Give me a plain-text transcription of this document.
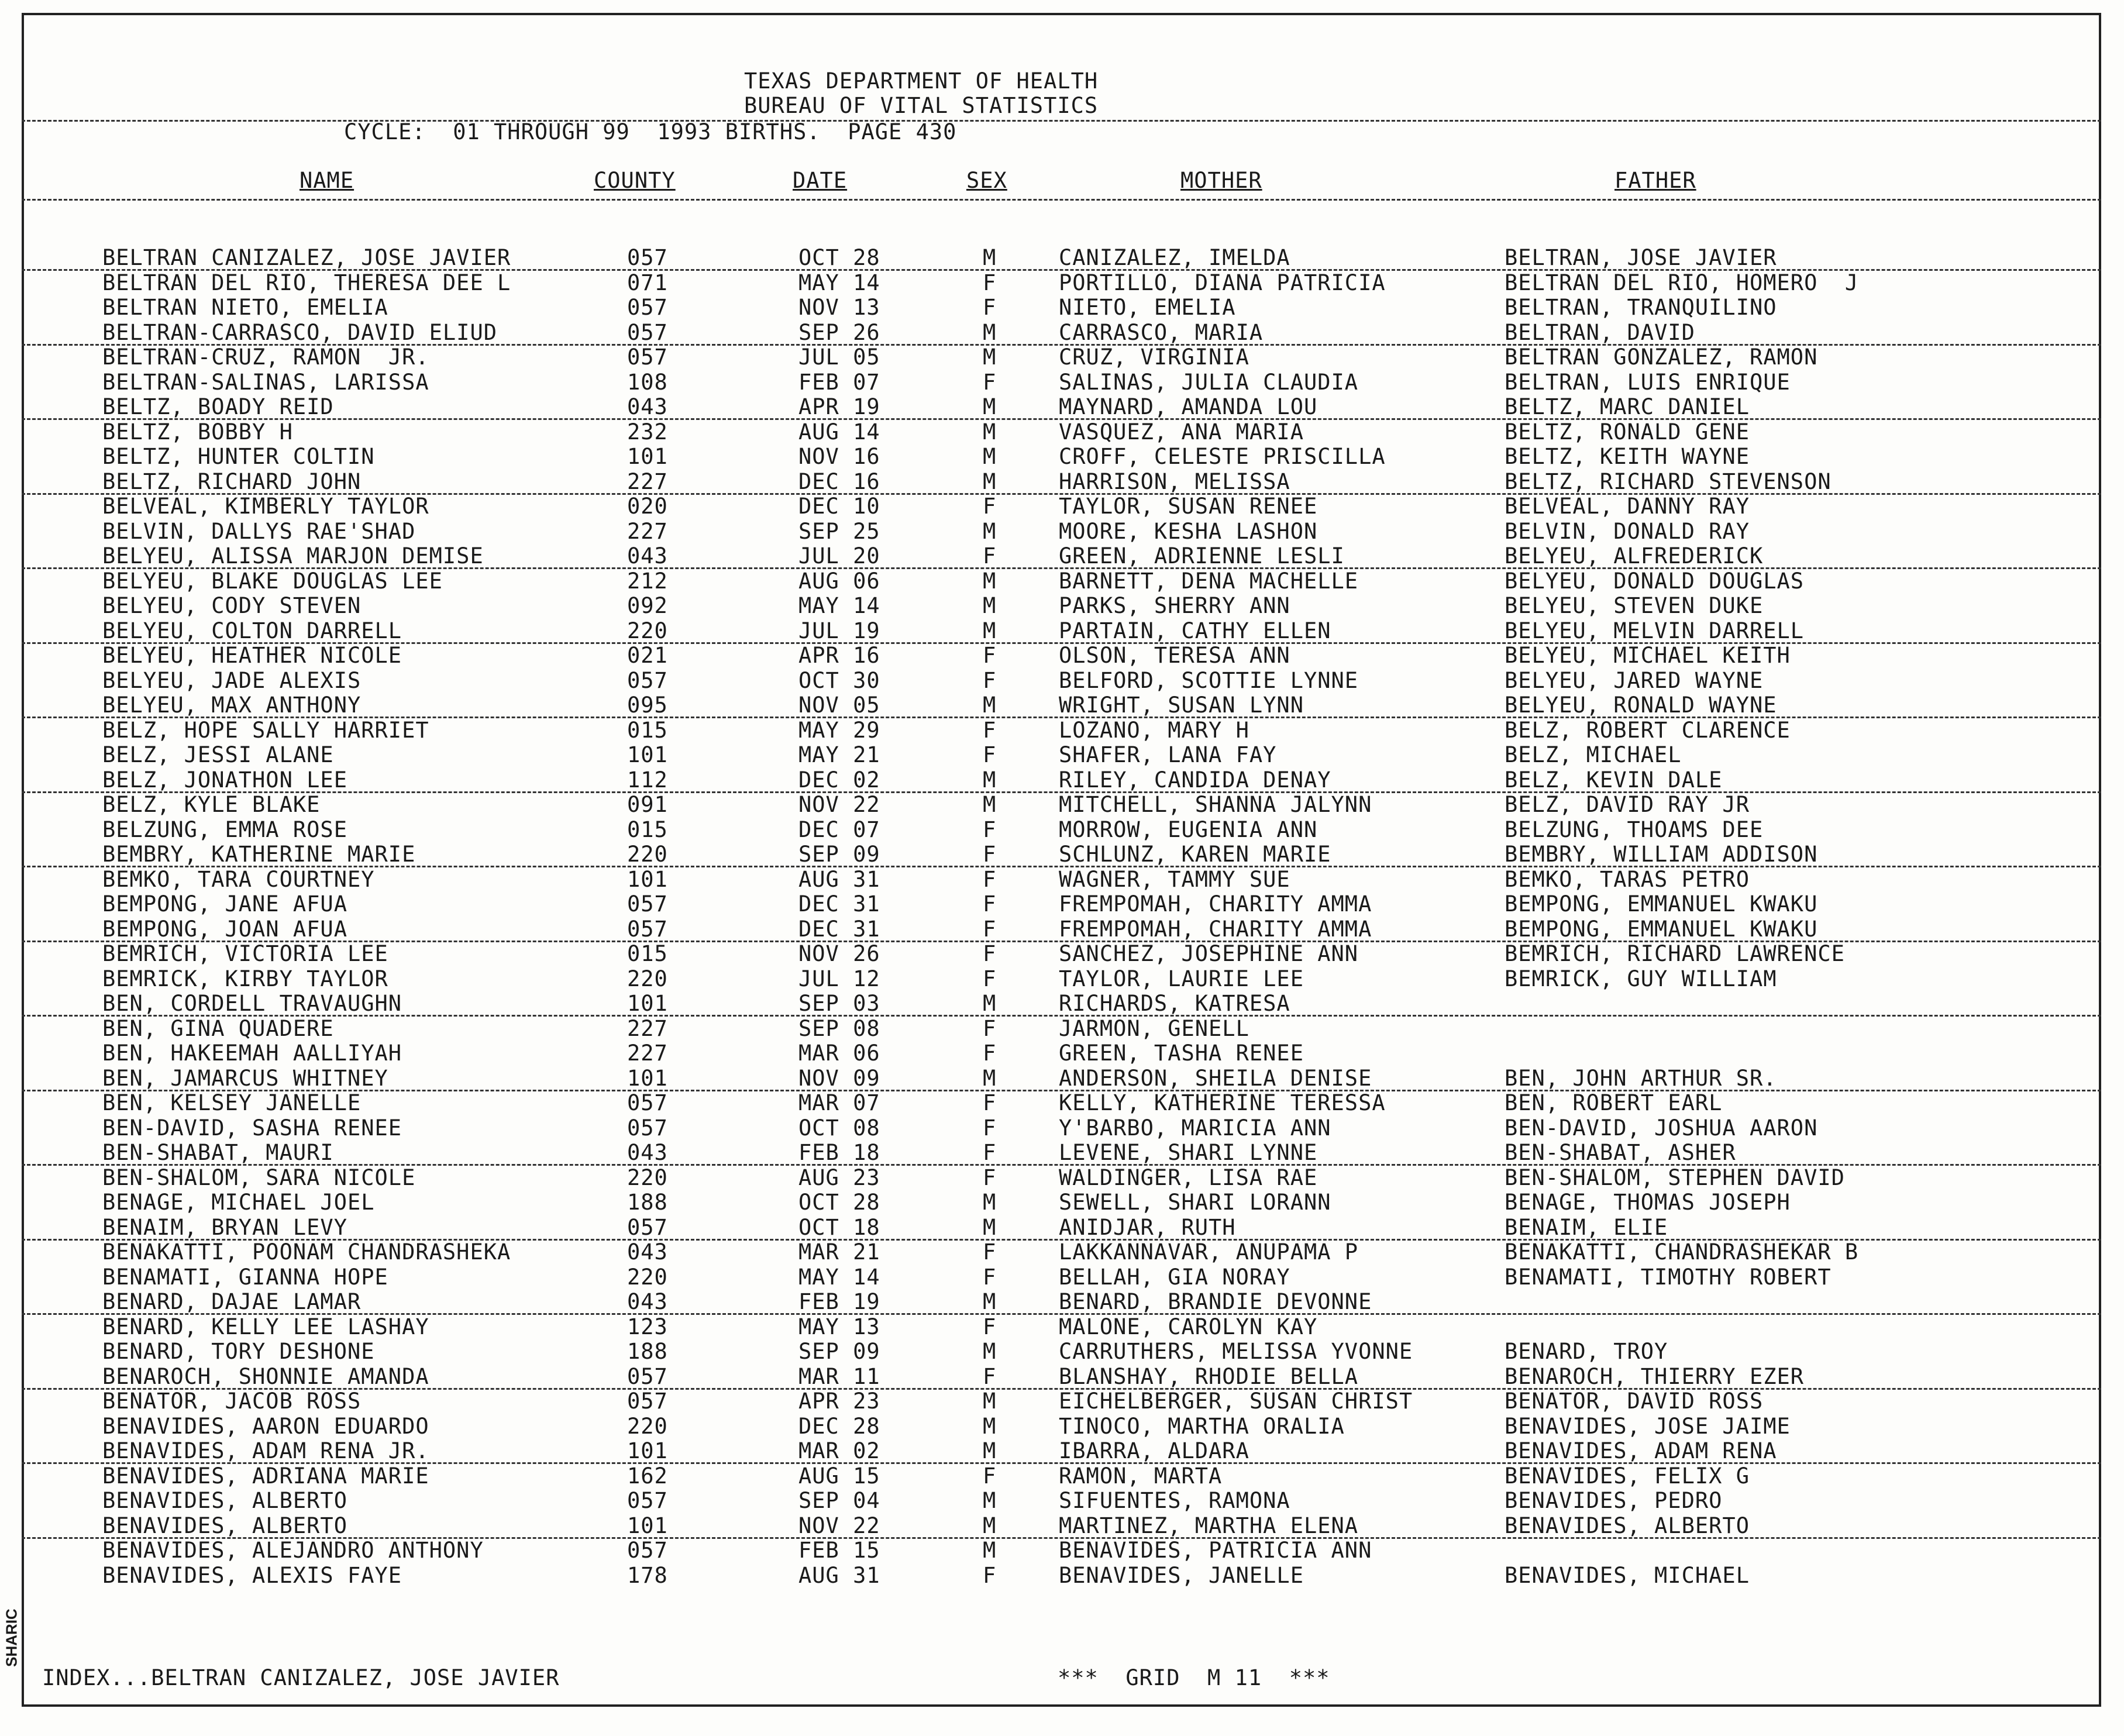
TEXAS DEPARTMENT OF HEALTH
BUREAU OF VITAL STATISTICS
CYCLE:  01 THROUGH 99  1993 BIRTHS.  PAGE 430
NAME	COUNTY	DATE	SEX	MOTHER	FATHER
BELTRAN CANIZALEZ, JOSE JAVIER	057	OCT 28	M	CANIZALEZ, IMELDA	BELTRAN, JOSE JAVIER
BELTRAN DEL RIO, THERESA DEE L	071	MAY 14	F	PORTILLO, DIANA PATRICIA	BELTRAN DEL RIO, HOMERO  J
BELTRAN NIETO, EMELIA	057	NOV 13	F	NIETO, EMELIA	BELTRAN, TRANQUILINO
BELTRAN-CARRASCO, DAVID ELIUD	057	SEP 26	M	CARRASCO, MARIA	BELTRAN, DAVID
BELTRAN-CRUZ, RAMON  JR.	057	JUL 05	M	CRUZ, VIRGINIA	BELTRAN GONZALEZ, RAMON
BELTRAN-SALINAS, LARISSA	108	FEB 07	F	SALINAS, JULIA CLAUDIA	BELTRAN, LUIS ENRIQUE
BELTZ, BOADY REID	043	APR 19	M	MAYNARD, AMANDA LOU	BELTZ, MARC DANIEL
BELTZ, BOBBY H	232	AUG 14	M	VASQUEZ, ANA MARIA	BELTZ, RONALD GENE
BELTZ, HUNTER COLTIN	101	NOV 16	M	CROFF, CELESTE PRISCILLA	BELTZ, KEITH WAYNE
BELTZ, RICHARD JOHN	227	DEC 16	M	HARRISON, MELISSA	BELTZ, RICHARD STEVENSON
BELVEAL, KIMBERLY TAYLOR	020	DEC 10	F	TAYLOR, SUSAN RENEE	BELVEAL, DANNY RAY
BELVIN, DALLYS RAE'SHAD	227	SEP 25	M	MOORE, KESHA LASHON	BELVIN, DONALD RAY
BELYEU, ALISSA MARJON DEMISE	043	JUL 20	F	GREEN, ADRIENNE LESLI	BELYEU, ALFREDERICK
BELYEU, BLAKE DOUGLAS LEE	212	AUG 06	M	BARNETT, DENA MACHELLE	BELYEU, DONALD DOUGLAS
BELYEU, CODY STEVEN	092	MAY 14	M	PARKS, SHERRY ANN	BELYEU, STEVEN DUKE
BELYEU, COLTON DARRELL	220	JUL 19	M	PARTAIN, CATHY ELLEN	BELYEU, MELVIN DARRELL
BELYEU, HEATHER NICOLE	021	APR 16	F	OLSON, TERESA ANN	BELYEU, MICHAEL KEITH
BELYEU, JADE ALEXIS	057	OCT 30	F	BELFORD, SCOTTIE LYNNE	BELYEU, JARED WAYNE
BELYEU, MAX ANTHONY	095	NOV 05	M	WRIGHT, SUSAN LYNN	BELYEU, RONALD WAYNE
BELZ, HOPE SALLY HARRIET	015	MAY 29	F	LOZANO, MARY H	BELZ, ROBERT CLARENCE
BELZ, JESSI ALANE	101	MAY 21	F	SHAFER, LANA FAY	BELZ, MICHAEL
BELZ, JONATHON LEE	112	DEC 02	M	RILEY, CANDIDA DENAY	BELZ, KEVIN DALE
BELZ, KYLE BLAKE	091	NOV 22	M	MITCHELL, SHANNA JALYNN	BELZ, DAVID RAY JR
BELZUNG, EMMA ROSE	015	DEC 07	F	MORROW, EUGENIA ANN	BELZUNG, THOAMS DEE
BEMBRY, KATHERINE MARIE	220	SEP 09	F	SCHLUNZ, KAREN MARIE	BEMBRY, WILLIAM ADDISON
BEMKO, TARA COURTNEY	101	AUG 31	F	WAGNER, TAMMY SUE	BEMKO, TARAS PETRO
BEMPONG, JANE AFUA	057	DEC 31	F	FREMPOMAH, CHARITY AMMA	BEMPONG, EMMANUEL KWAKU
BEMPONG, JOAN AFUA	057	DEC 31	F	FREMPOMAH, CHARITY AMMA	BEMPONG, EMMANUEL KWAKU
BEMRICH, VICTORIA LEE	015	NOV 26	F	SANCHEZ, JOSEPHINE ANN	BEMRICH, RICHARD LAWRENCE
BEMRICK, KIRBY TAYLOR	220	JUL 12	F	TAYLOR, LAURIE LEE	BEMRICK, GUY WILLIAM
BEN, CORDELL TRAVAUGHN	101	SEP 03	M	RICHARDS, KATRESA
BEN, GINA QUADERE	227	SEP 08	F	JARMON, GENELL
BEN, HAKEEMAH AALLIYAH	227	MAR 06	F	GREEN, TASHA RENEE
BEN, JAMARCUS WHITNEY	101	NOV 09	M	ANDERSON, SHEILA DENISE	BEN, JOHN ARTHUR SR.
BEN, KELSEY JANELLE	057	MAR 07	F	KELLY, KATHERINE TERESSA	BEN, ROBERT EARL
BEN-DAVID, SASHA RENEE	057	OCT 08	F	Y'BARBO, MARICIA ANN	BEN-DAVID, JOSHUA AARON
BEN-SHABAT, MAURI	043	FEB 18	F	LEVENE, SHARI LYNNE	BEN-SHABAT, ASHER
BEN-SHALOM, SARA NICOLE	220	AUG 23	F	WALDINGER, LISA RAE	BEN-SHALOM, STEPHEN DAVID
BENAGE, MICHAEL JOEL	188	OCT 28	M	SEWELL, SHARI LORANN	BENAGE, THOMAS JOSEPH
BENAIM, BRYAN LEVY	057	OCT 18	M	ANIDJAR, RUTH	BENAIM, ELIE
BENAKATTI, POONAM CHANDRASHEKA	043	MAR 21	F	LAKKANNAVAR, ANUPAMA P	BENAKATTI, CHANDRASHEKAR B
BENAMATI, GIANNA HOPE	220	MAY 14	F	BELLAH, GIA NORAY	BENAMATI, TIMOTHY ROBERT
BENARD, DAJAE LAMAR	043	FEB 19	M	BENARD, BRANDIE DEVONNE
BENARD, KELLY LEE LASHAY	123	MAY 13	F	MALONE, CAROLYN KAY
BENARD, TORY DESHONE	188	SEP 09	M	CARRUTHERS, MELISSA YVONNE	BENARD, TROY
BENAROCH, SHONNIE AMANDA	057	MAR 11	F	BLANSHAY, RHODIE BELLA	BENAROCH, THIERRY EZER
BENATOR, JACOB ROSS	057	APR 23	M	EICHELBERGER, SUSAN CHRIST	BENATOR, DAVID ROSS
BENAVIDES, AARON EDUARDO	220	DEC 28	M	TINOCO, MARTHA ORALIA	BENAVIDES, JOSE JAIME
BENAVIDES, ADAM RENA JR.	101	MAR 02	M	IBARRA, ALDARA	BENAVIDES, ADAM RENA
BENAVIDES, ADRIANA MARIE	162	AUG 15	F	RAMON, MARTA	BENAVIDES, FELIX G
BENAVIDES, ALBERTO	057	SEP 04	M	SIFUENTES, RAMONA	BENAVIDES, PEDRO
BENAVIDES, ALBERTO	101	NOV 22	M	MARTINEZ, MARTHA ELENA	BENAVIDES, ALBERTO
BENAVIDES, ALEJANDRO ANTHONY	057	FEB 15	M	BENAVIDES, PATRICIA ANN
BENAVIDES, ALEXIS FAYE	178	AUG 31	F	BENAVIDES, JANELLE	BENAVIDES, MICHAEL
INDEX...BELTRAN CANIZALEZ, JOSE JAVIER	***  GRID  M 11  ***
SHARIC
